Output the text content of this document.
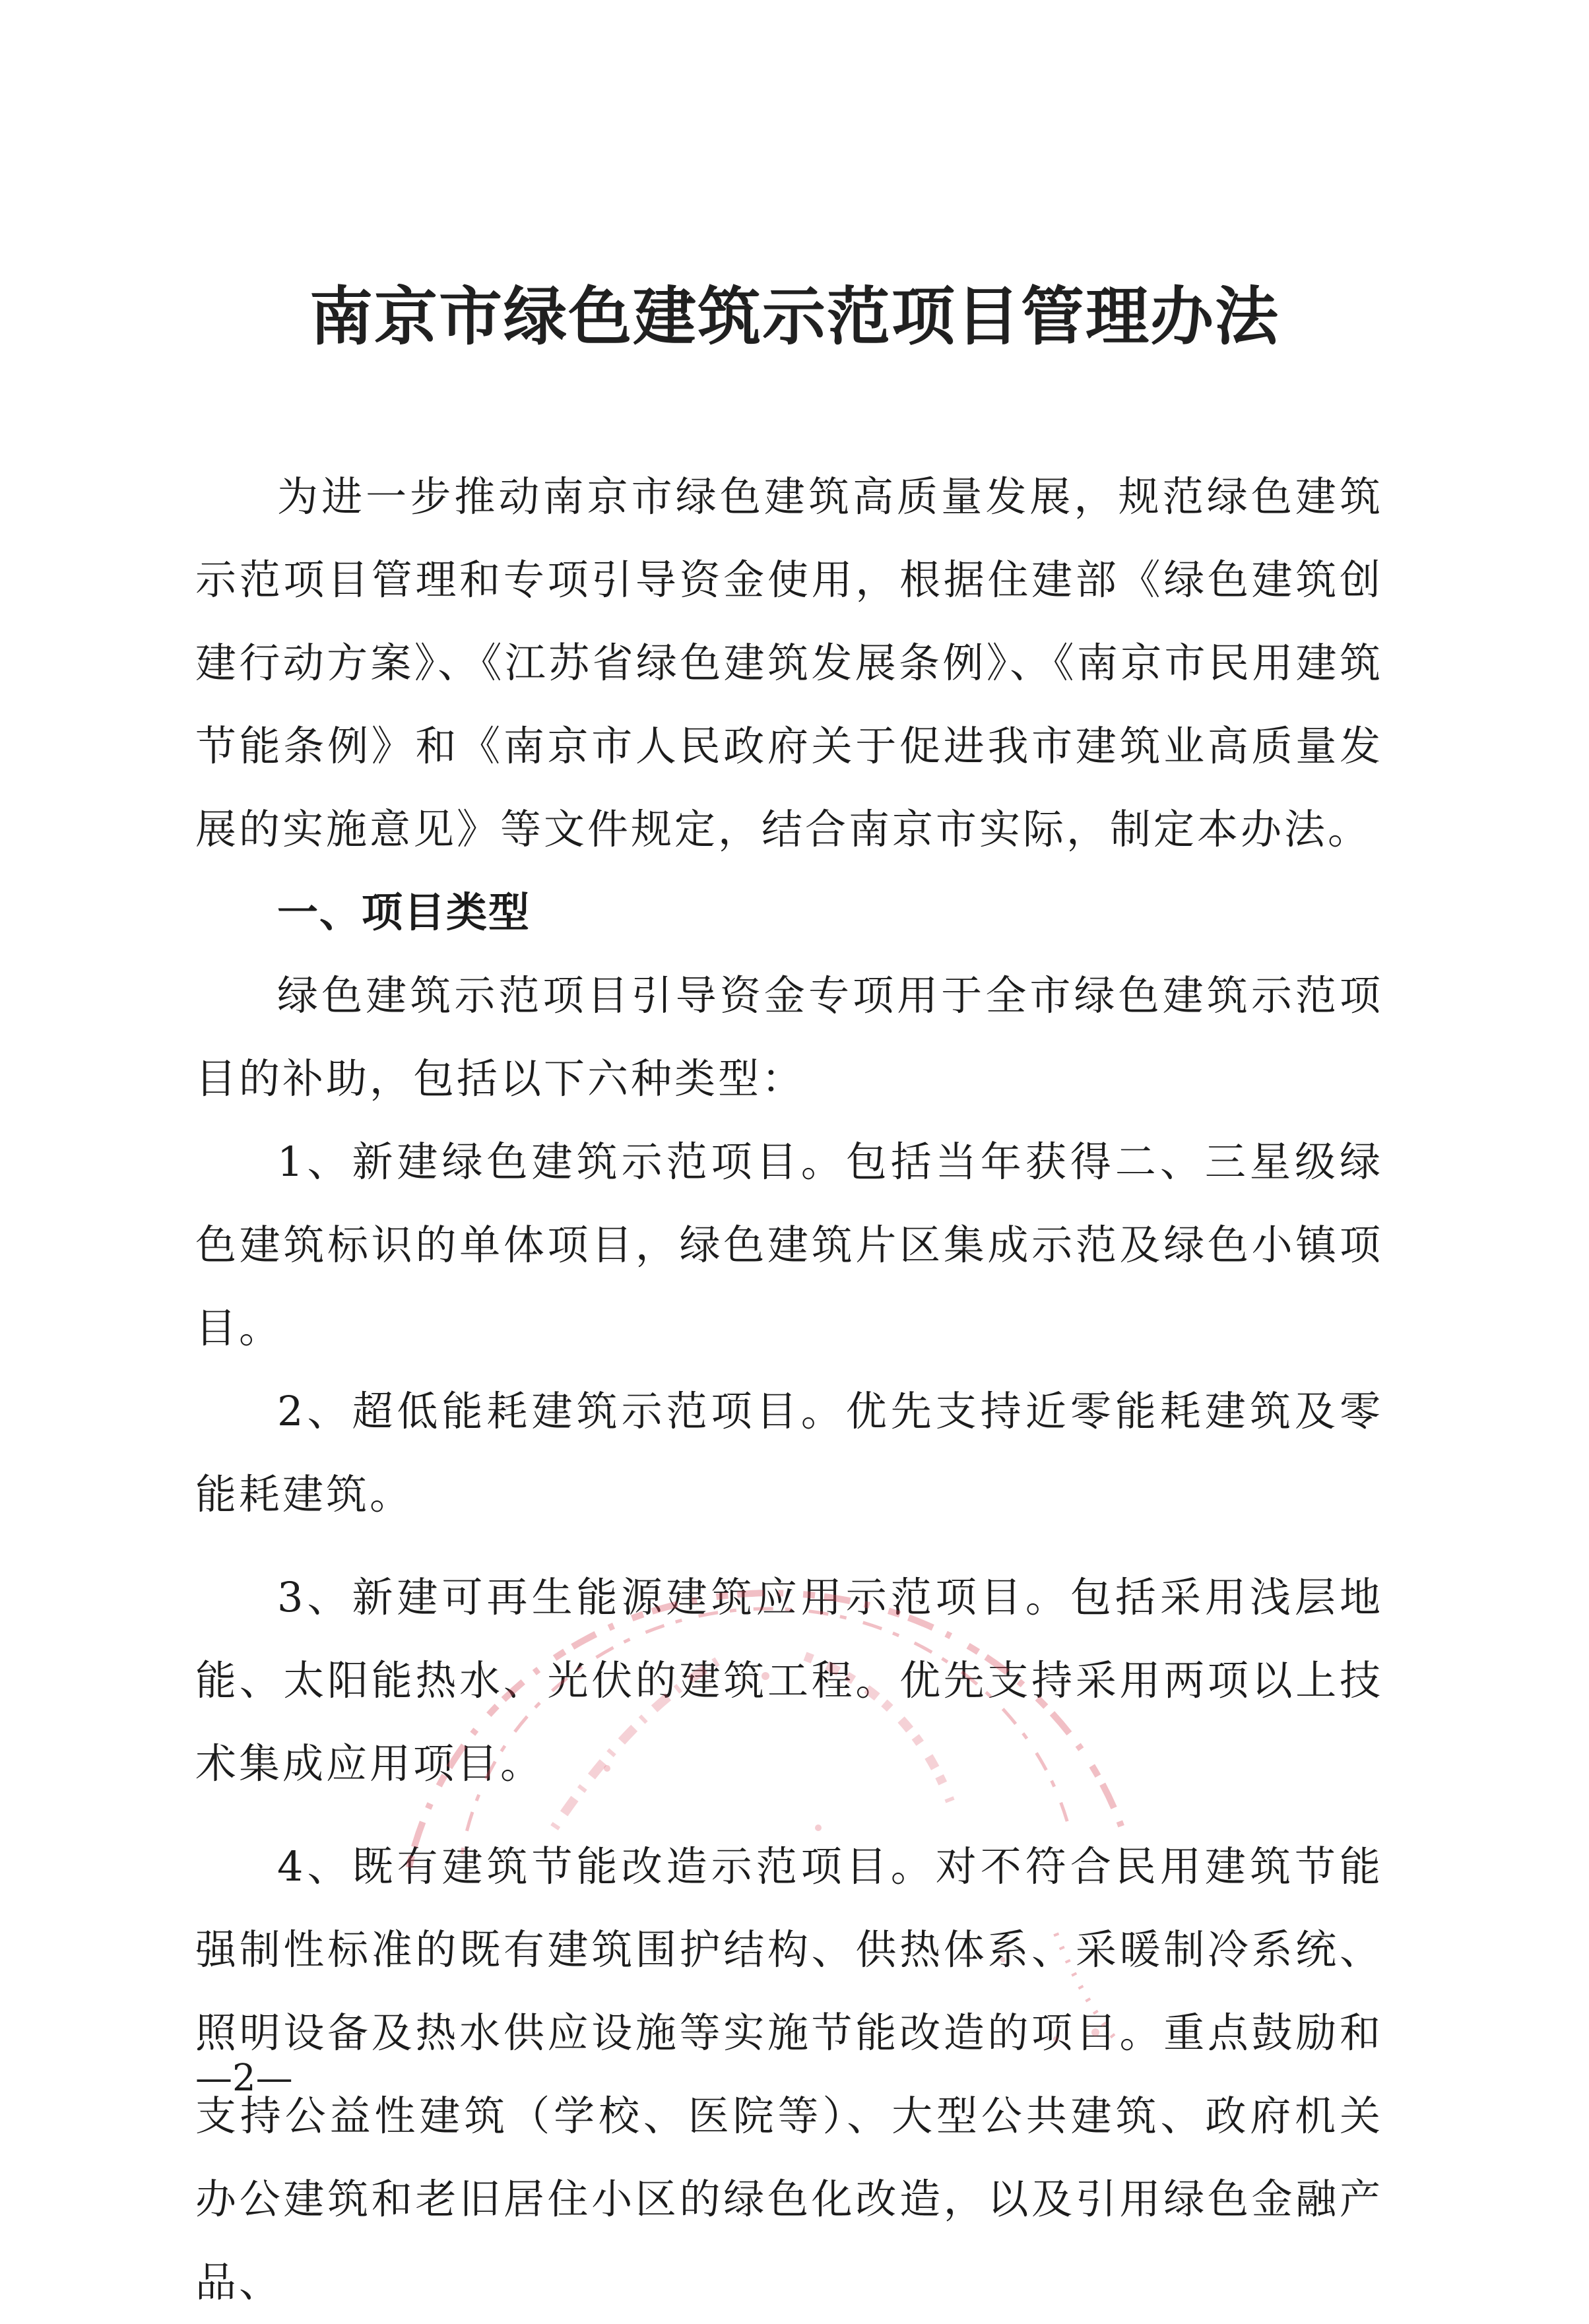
南京市绿色建筑示范项目管理办法

为进一步推动南京市绿色建筑高质量发展，规范绿色建筑示范项目管理和专项引导资金使用，根据住建部《绿色建筑创建行动方案》、《江苏省绿色建筑发展条例》、《南京市民用建筑节能条例》和《南京市人民政府关于促进我市建筑业高质量发展的实施意见》等文件规定，结合南京市实际，制定本办法。

一、项目类型

绿色建筑示范项目引导资金专项用于全市绿色建筑示范项目的补助，包括以下六种类型：

1、新建绿色建筑示范项目。包括当年获得二、三星级绿色建筑标识的单体项目，绿色建筑片区集成示范及绿色小镇项目。

2、超低能耗建筑示范项目。优先支持近零能耗建筑及零能耗建筑。

3、新建可再生能源建筑应用示范项目。包括采用浅层地能、太阳能热水、光伏的建筑工程。优先支持采用两项以上技术集成应用项目。

4、既有建筑节能改造示范项目。对不符合民用建筑节能强制性标准的既有建筑围护结构、供热体系、采暖制冷系统、照明设备及热水供应设施等实施节能改造的项目。重点鼓励和支持公益性建筑（学校、医院等）、大型公共建筑、政府机关办公建筑和老旧居住小区的绿色化改造，以及引用绿色金融产品、

—2—
